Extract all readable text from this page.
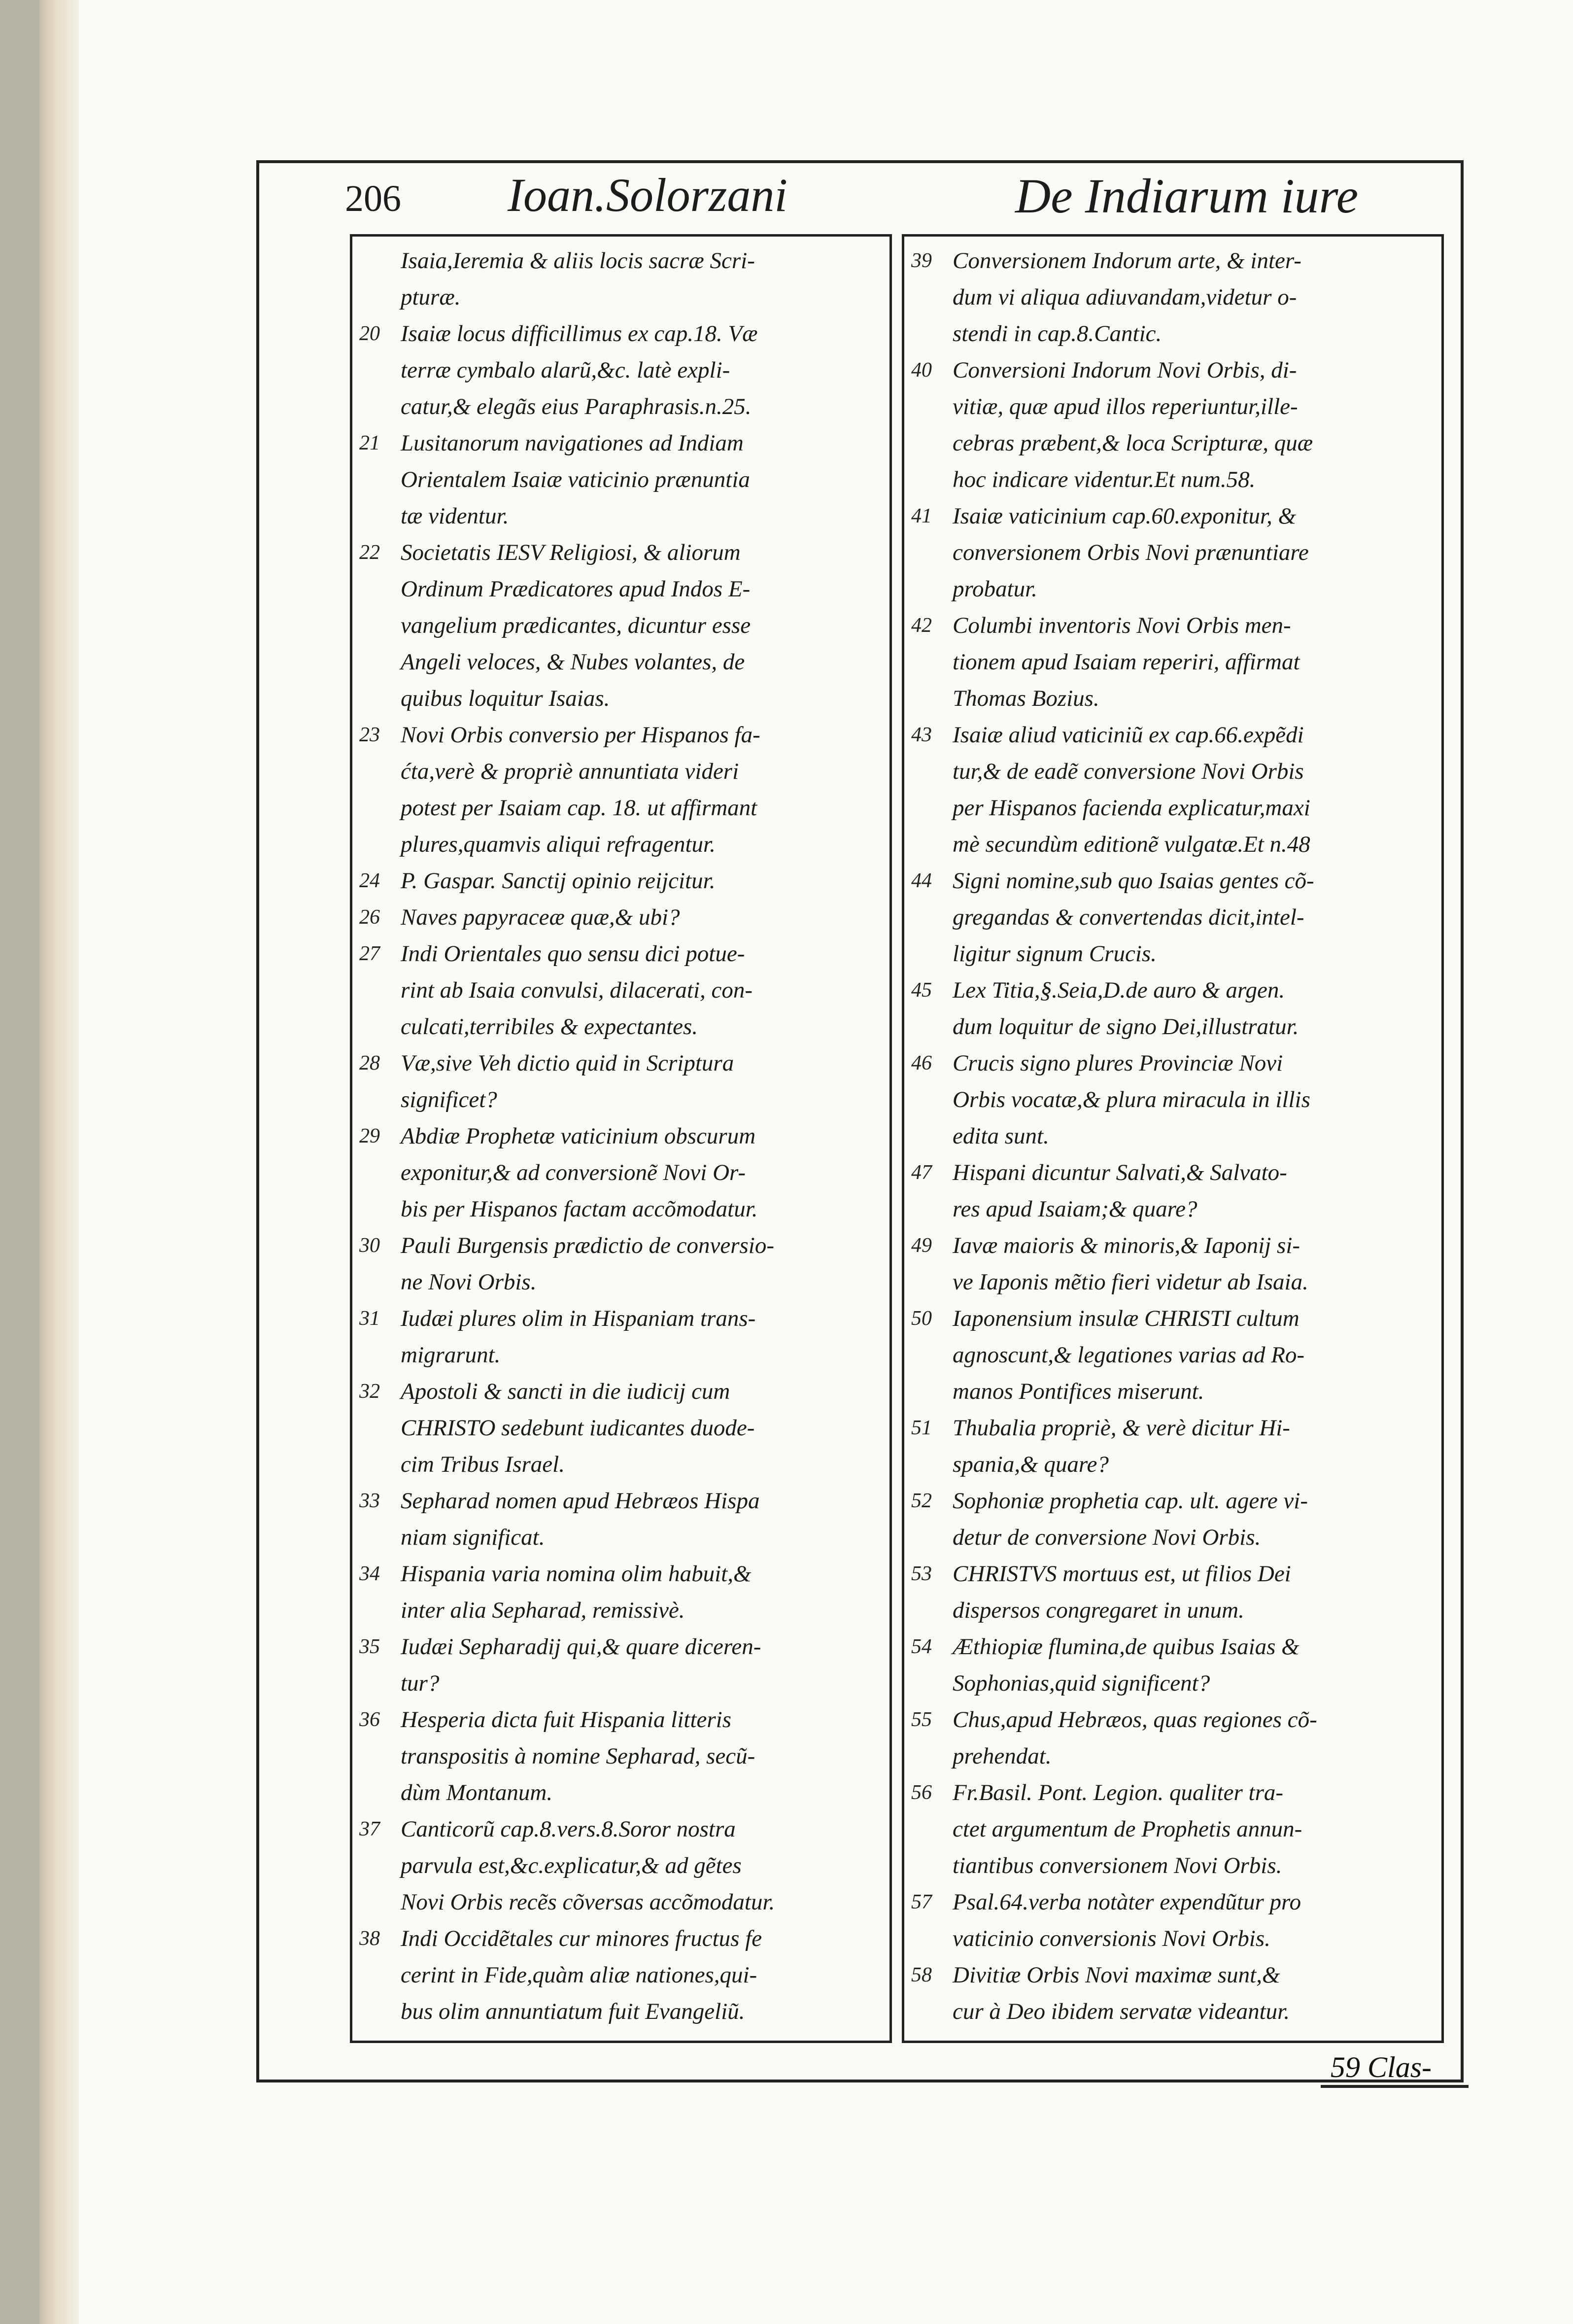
206 Ioan.Solorzani	De Indiarum iure
Isaia,Ieremia & aliis locis sacræ Scri-
pturæ.
20 Isaiæ locus difficillimus ex cap.18. Væ
terræ cymbalo alarũ,&c. latè expli-
catur,& elegãs eius Paraphrasis.n.25.
21 Lusitanorum navigationes ad Indiam
Orientalem Isaiæ vaticinio prænuntia
tæ videntur.
22 Societatis IESV Religiosi, & aliorum
Ordinum Prædicatores apud Indos E-
vangelium prædicantes, dicuntur esse
Angeli veloces, & Nubes volantes, de
quibus loquitur Isaias.
23 Novi Orbis conversio per Hispanos fa-
ćta,verè & propriè annuntiata videri
potest per Isaiam cap. 18. ut affirmant
plures,quamvis aliqui refragentur.
24 P. Gaspar. Sanctij opinio reijcitur.
26 Naves papyraceæ quæ,& ubi?
27 Indi Orientales quo sensu dici potue-
rint ab Isaia convulsi, dilacerati, con-
culcati,terribiles & expectantes.
28 Væ,sive Veh dictio quid in Scriptura
significet?
29 Abdiæ Prophetæ vaticinium obscurum
exponitur,& ad conversionẽ Novi Or-
bis per Hispanos factam accõmodatur.
30 Pauli Burgensis prædictio de conversio-
ne Novi Orbis.
31 Iudæi plures olim in Hispaniam trans-
migrarunt.
32 Apostoli & sancti in die iudicij cum
CHRISTO sedebunt iudicantes duode-
cim Tribus Israel.
33 Sepharad nomen apud Hebræos Hispa
niam significat.
34 Hispania varia nomina olim habuit,&
inter alia Sepharad, remissivè.
35 Iudæi Sepharadij qui,& quare diceren-
tur?
36 Hesperia dicta fuit Hispania litteris
transpositis à nomine Sepharad, secũ-
dùm Montanum.
37 Canticorũ cap.8.vers.8.Soror nostra
parvula est,&c.explicatur,& ad gẽtes
Novi Orbis recẽs cõversas accõmodatur.
38 Indi Occidẽtales cur minores fructus fe
cerint in Fide,quàm aliæ nationes,qui-
bus olim annuntiatum fuit Evangeliũ.
39 Conversionem Indorum arte, & inter-
dum vi aliqua adiuvandam,videtur o-
stendi in cap.8.Cantic.
40 Conversioni Indorum Novi Orbis, di-
vitiæ, quæ apud illos reperiuntur,ille-
cebras præbent,& loca Scripturæ, quæ
hoc indicare videntur.Et num.58.
41 Isaiæ vaticinium cap.60.exponitur, &
conversionem Orbis Novi prænuntiare
probatur.
42 Columbi inventoris Novi Orbis men-
tionem apud Isaiam reperiri, affirmat
Thomas Bozius.
43 Isaiæ aliud vaticiniũ ex cap.66.expẽdi
tur,& de eadẽ conversione Novi Orbis
per Hispanos facienda explicatur,maxi
mè secundùm editionẽ vulgatæ.Et n.48
44 Signi nomine,sub quo Isaias gentes cõ-
gregandas & convertendas dicit,intel-
ligitur signum Crucis.
45 Lex Titia,§.Seia,D.de auro & argen.
dum loquitur de signo Dei,illustratur.
46 Crucis signo plures Provinciæ Novi
Orbis vocatæ,& plura miracula in illis
edita sunt.
47 Hispani dicuntur Salvati,& Salvato-
res apud Isaiam;& quare?
49 Iavæ maioris & minoris,& Iaponij si-
ve Iaponis mẽtio fieri videtur ab Isaia.
50 Iaponensium insulæ CHRISTI cultum
agnoscunt,& legationes varias ad Ro-
manos Pontifices miserunt.
51 Thubalia propriè, & verè dicitur Hi-
spania,& quare?
52 Sophoniæ prophetia cap. ult. agere vi-
detur de conversione Novi Orbis.
53 CHRISTVS mortuus est, ut filios Dei
dispersos congregaret in unum.
54 Æthiopiæ flumina,de quibus Isaias &
Sophonias,quid significent?
55 Chus,apud Hebræos, quas regiones cõ-
prehendat.
56 Fr.Basil. Pont. Legion. qualiter tra-
ctet argumentum de Prophetis annun-
tiantibus conversionem Novi Orbis.
57 Psal.64.verba notàter expendũtur pro
vaticinio conversionis Novi Orbis.
58 Divitiæ Orbis Novi maximæ sunt,&
cur à Deo ibidem servatæ videantur.
59 Clas-
